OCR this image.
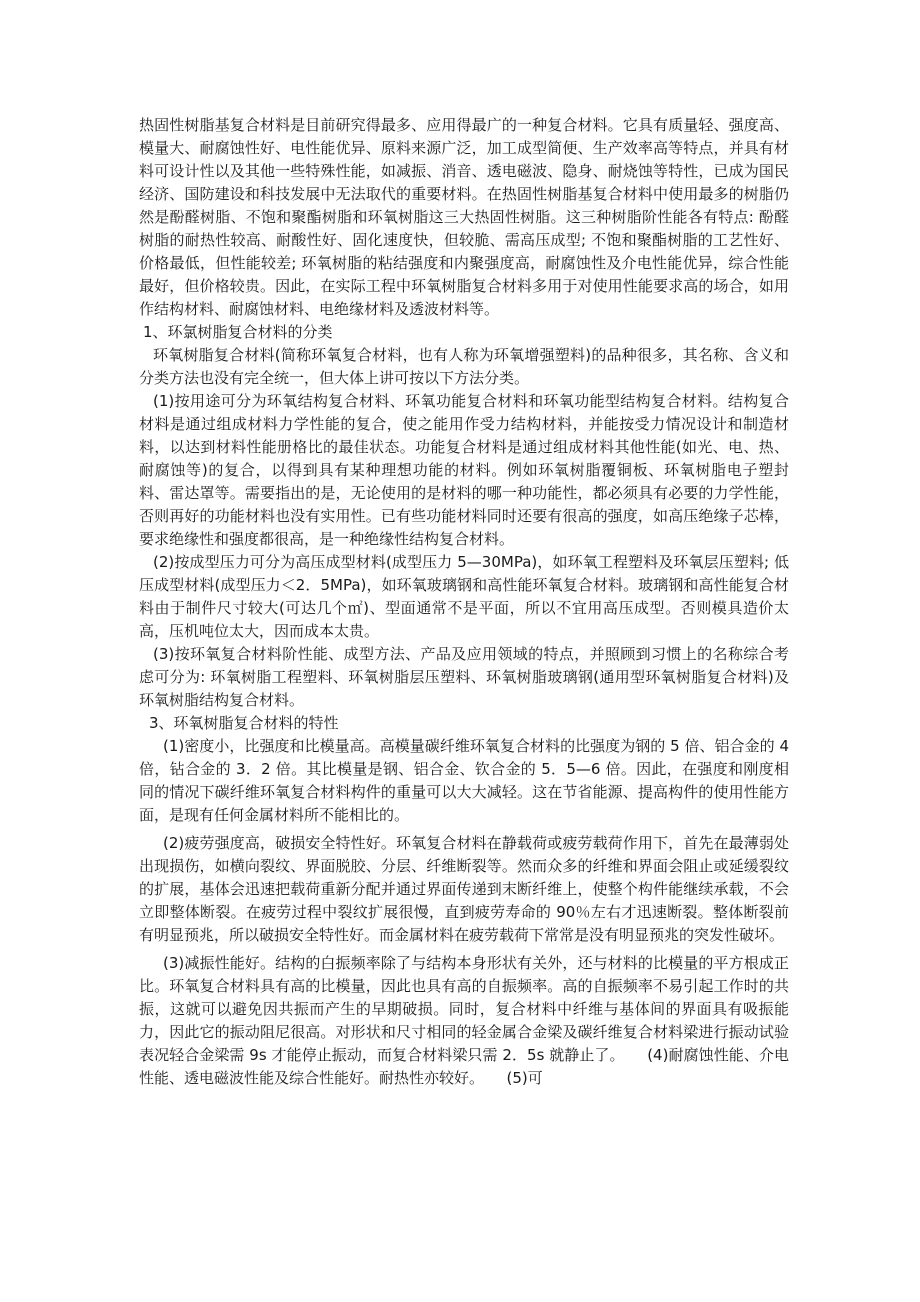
热固性树脂基复合材料是目前研究得最多、应用得最广的一种复合材料。它具有质量轻、强度高、模量大、耐腐蚀性好、电性能优异、原料来源广泛，加工成型简便、生产效率高等特点，并具有材料可设计性以及其他一些特殊性能，如减振、消音、透电磁波、隐身、耐烧蚀等特性，已成为国民经济、国防建设和科技发展中无法取代的重要材料。在热固性树脂基复合材料中使用最多的树脂仍然是酚醛树脂、不饱和聚酯树脂和环氧树脂这三大热固性树脂。这三种树脂阶性能各有特点: 酚醛树脂的耐热性较高、耐酸性好、固化速度快，但较脆、需高压成型; 不饱和聚酯树脂的工艺性好、价格最低，但性能较差; 环氧树脂的粘结强度和内聚强度高，耐腐蚀性及介电性能优异，综合性能最好，但价格较贵。因此，在实际工程中环氧树脂复合材料多用于对使用性能要求高的场合，如用作结构材料、耐腐蚀材料、电绝缘材料及透波材料等。

1、环氯树脂复合材料的分类

环氧树脂复合材料(简称环氧复合材料，也有人称为环氧增强塑料)的品种很多，其名称、含义和分类方法也没有完全统一，但大体上讲可按以下方法分类。

(1)按用途可分为环氧结构复合材料、环氧功能复合材料和环氧功能型结构复合材料。结构复合材料是通过组成材料力学性能的复合，使之能用作受力结构材料，并能按受力情况设计和制造材料，以达到材料性能册格比的最佳状态。功能复合材料是通过组成材料其他性能(如光、电、热、耐腐蚀等)的复合，以得到具有某种理想功能的材料。例如环氧树脂覆铜板、环氧树脂电子塑封料、雷达罩等。需要指出的是，无论使用的是材料的哪一种功能性，都必须具有必要的力学性能，否则再好的功能材料也没有实用性。已有些功能材料同时还要有很高的强度，如高压绝缘子芯棒，要求绝缘性和强度都很高，是一种绝缘性结构复合材料。

(2)按成型压力可分为高压成型材料(成型压力 5—30MPa)，如环氧工程塑料及环氧层压塑料; 低压成型材料(成型压力＜2．5MPa)，如环氧玻璃钢和高性能环氧复合材料。玻璃钢和高性能复合材料由于制件尺寸较大(可达几个㎡)、型面通常不是平面，所以不宜用高压成型。否则模具造价太高，压机吨位太大，因而成本太贵。

(3)按环氧复合材料阶性能、成型方法、产品及应用领域的特点，并照顾到习惯上的名称综合考虑可分为: 环氧树脂工程塑料、环氧树脂层压塑料、环氧树脂玻璃钢(通用型环氧树脂复合材料)及环氧树脂结构复合材料。

3、环氧树脂复合材料的特性

(1)密度小，比强度和比模量高。高模量碳纤维环氧复合材料的比强度为钢的 5 倍、铝合金的 4 倍，钻合金的 3．2 倍。其比模量是钢、铝合金、钦合金的 5．5—6 倍。因此，在强度和刚度相同的情况下碳纤维环氧复合材料构件的重量可以大大减轻。这在节省能源、提高构件的使用性能方面，是现有任何金属材料所不能相比的。

(2)疲劳强度高，破损安全特性好。环氧复合材料在静载荷或疲劳载荷作用下，首先在最薄弱处出现损伤，如横向裂纹、界面脱胶、分层、纤维断裂等。然而众多的纤维和界面会阻止或延缓裂纹的扩展，基体会迅速把载荷重新分配并通过界面传递到末断纤维上，使整个构件能继续承载，不会立即整体断裂。在疲劳过程中裂纹扩展很慢，直到疲劳寿命的 90％左右才迅速断裂。整体断裂前有明显预兆，所以破损安全特性好。而金属材料在疲劳载荷下常常是没有明显预兆的突发性破坏。

(3)减振性能好。结构的白振频率除了与结构本身形状有关外，还与材料的比模量的平方根成正比。环氧复合材料具有高的比模量，因此也具有高的自振频率。高的自振频率不易引起工作时的共振，这就可以避免因共振而产生的早期破损。同时，复合材料中纤维与基体间的界面具有吸振能力，因此它的振动阻尼很高。对形状和尺寸相同的轻金属合金梁及碳纤维复合材料梁进行振动试验表况轻合金梁需 9s 才能停止振动，而复合材料梁只需 2．5s 就静止了。　　(4)耐腐蚀性能、介电性能、透电磁波性能及综合性能好。耐热性亦较好。　　(5)可
